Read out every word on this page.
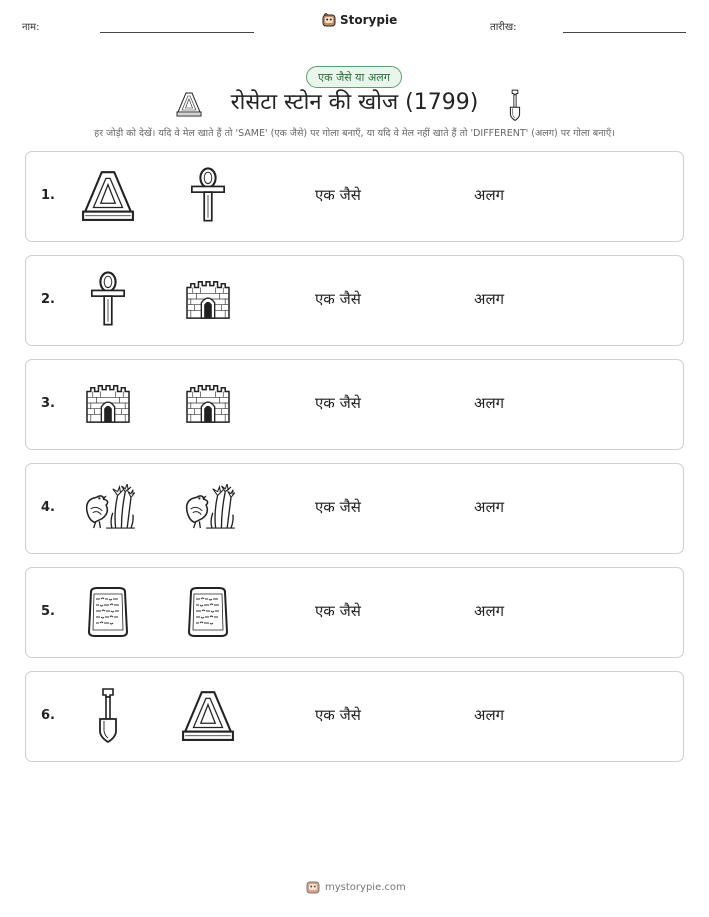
नाम:
Storypie
तारीख:
एक जैसे या अलग
रोसेटा स्टोन की खोज (1799)
हर जोड़ी को देखें। यदि वे मेल खाते हैं तो 'SAME' (एक जैसे) पर गोला बनाएँ, या यदि वे मेल नहीं खाते हैं तो 'DIFFERENT' (अलग) पर गोला बनाएँ।
1.	एक जैसे	अलग
2.	एक जैसे	अलग
3.	एक जैसे	अलग
4.	एक जैसे	अलग
5.	एक जैसे	अलग
6.	एक जैसे	अलग
mystorypie.com
